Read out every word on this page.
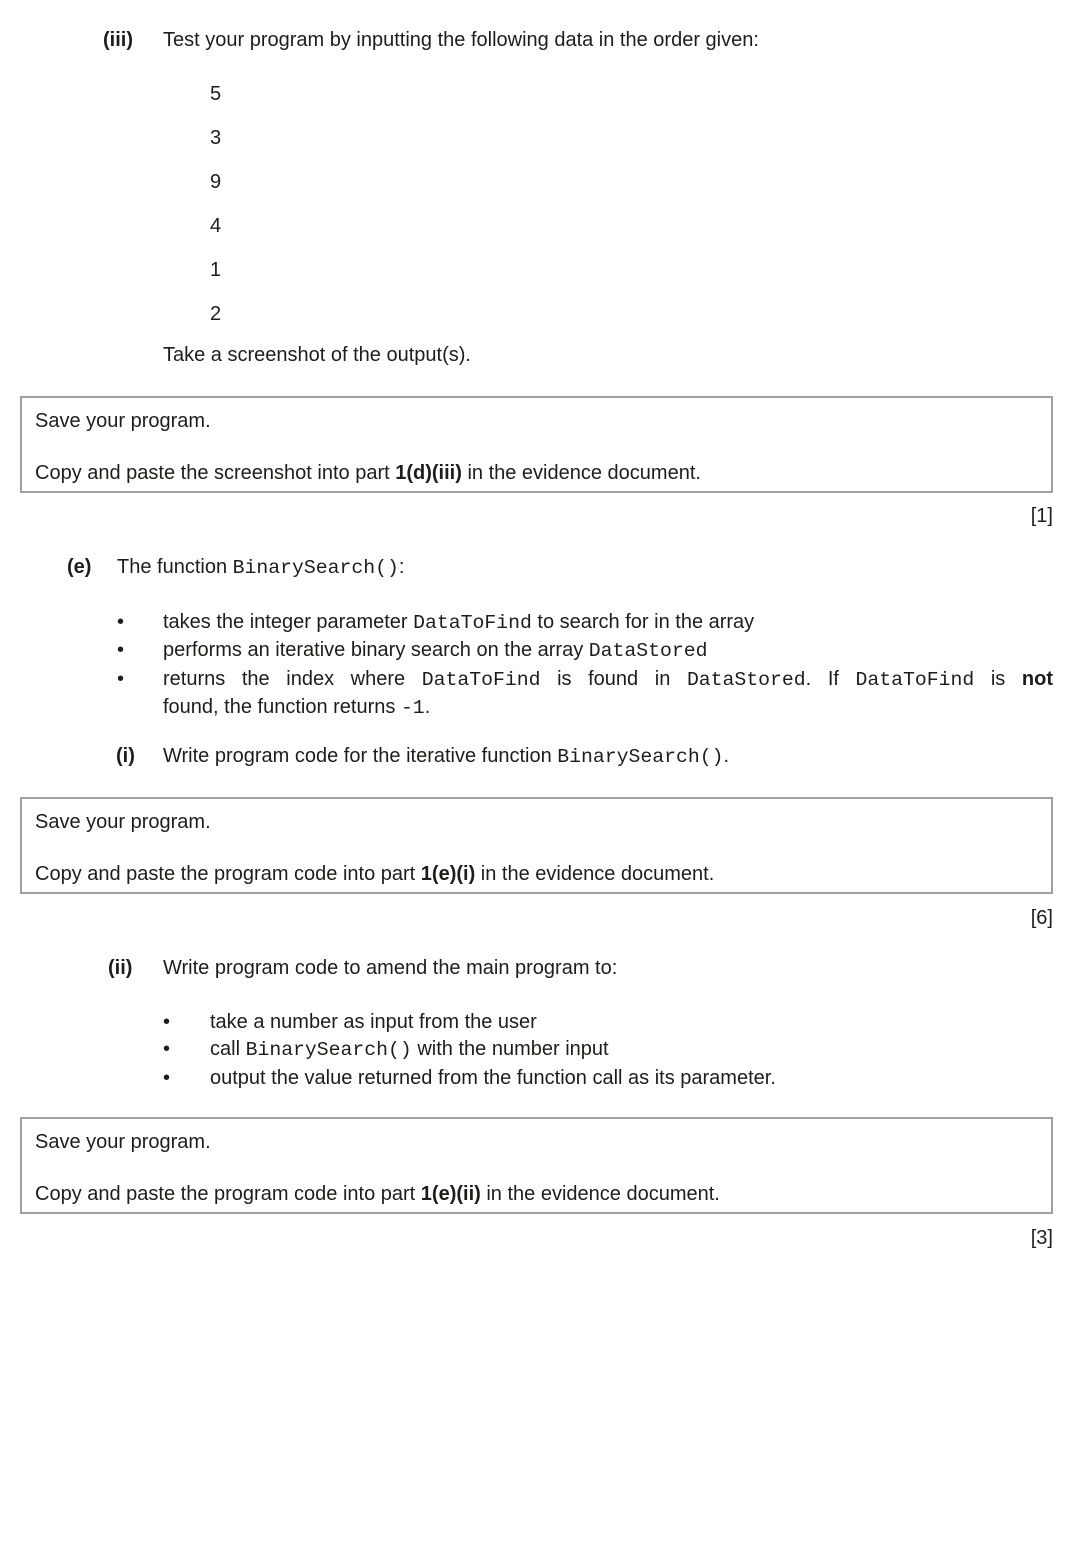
(iii) Test your program by inputting the following data in the order given:
5
3
9
4
1
2
Take a screenshot of the output(s).
Save your program.
Copy and paste the screenshot into part 1(d)(iii) in the evidence document.
[1]
(e) The function BinarySearch():
•
takes the integer parameter DataToFind to search for in the array
•
performs an iterative binary search on the array DataStored
•
returns the index where DataToFind is found in DataStored. If DataToFind is not
found, the function returns -1.
(i) Write program code for the iterative function BinarySearch().
Save your program.
Copy and paste the program code into part 1(e)(i) in the evidence document.
[6]
(ii) Write program code to amend the main program to:
•
take a number as input from the user
•
call BinarySearch() with the number input
•
output the value returned from the function call as its parameter.
Save your program.
Copy and paste the program code into part 1(e)(ii) in the evidence document.
[3]
